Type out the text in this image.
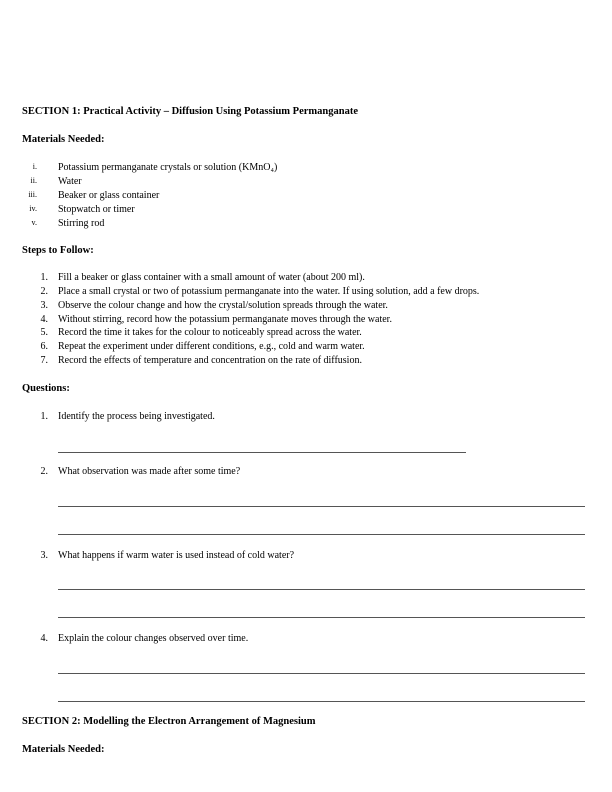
SECTION 1: Practical Activity – Diffusion Using Potassium Permanganate
Materials Needed:
i. Potassium permanganate crystals or solution (KMnO₄)
ii. Water
iii. Beaker or glass container
iv. Stopwatch or timer
v. Stirring rod
Steps to Follow:
1. Fill a beaker or glass container with a small amount of water (about 200 ml).
2. Place a small crystal or two of potassium permanganate into the water. If using solution, add a few drops.
3. Observe the colour change and how the crystal/solution spreads through the water.
4. Without stirring, record how the potassium permanganate moves through the water.
5. Record the time it takes for the colour to noticeably spread across the water.
6. Repeat the experiment under different conditions, e.g., cold and warm water.
7. Record the effects of temperature and concentration on the rate of diffusion.
Questions:
1. Identify the process being investigated.
2. What observation was made after some time?
3. What happens if warm water is used instead of cold water?
4. Explain the colour changes observed over time.
SECTION 2: Modelling the Electron Arrangement of Magnesium
Materials Needed:
